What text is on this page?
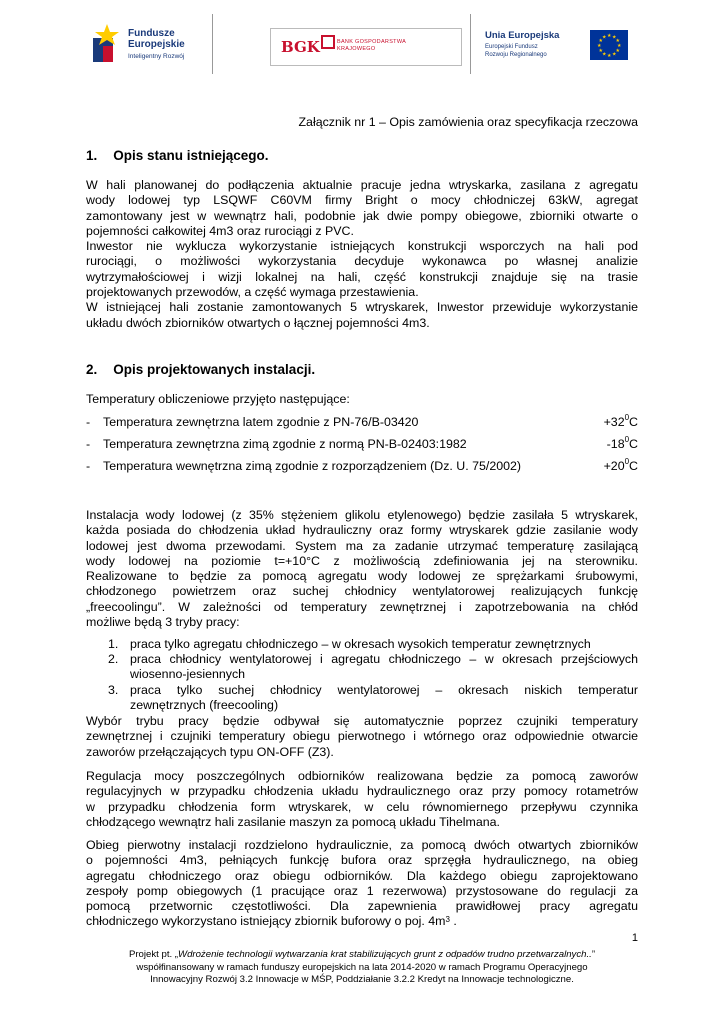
Fundusze
Europejskie
Inteligentny Rozwój
BGK	BANK GOSPODARSTWA
KRAJOWEGO
Unia Europejska
Europejski Fundusz
Rozwoju Regionalnego
★ ★
★
★
★
★
★
★
★
★
★
★
Załącznik nr 1 – Opis zamówienia oraz specyfikacja rzeczowa
1. Opis stanu istniejącego.
W hali planowanej do podłączenia aktualnie pracuje jedna wtryskarka, zasilana z agregatu
wody lodowej typ LSQWF C60VM firmy Bright o mocy chłodniczej 63kW, agregat
zamontowany jest w wewnątrz hali, podobnie jak dwie pompy obiegowe, zbiorniki otwarte o
pojemności całkowitej 4m3 oraz rurociągi z PVC.
Inwestor nie wyklucza wykorzystanie istniejących konstrukcji wsporczych na hali pod
rurociągi, o możliwości wykorzystania decyduje wykonawca po własnej analizie
wytrzymałościowej i wizji lokalnej na hali, część konstrukcji znajduje się na trasie
projektowanych przewodów, a część wymaga przestawienia.
W istniejącej hali zostanie zamontowanych 5 wtryskarek, Inwestor przewiduje wykorzystanie
układu dwóch zbiorników otwartych o łącznej pojemności 4m3.
2. Opis projektowanych instalacji.
Temperatury obliczeniowe przyjęto następujące:
- Temperatura zewnętrzna latem zgodnie z PN-76/B-03420	$+32^0C$
- Temperatura zewnętrzna zimą zgodnie z normą PN-B-02403:1982	$-18^0C$
- Temperatura wewnętrzna zimą zgodnie z rozporządzeniem (Dz. U. 75/2002)	$+20^0C$
Instalacja wody lodowej (z 35% stężeniem glikolu etylenowego) będzie zasilała 5 wtryskarek,
każda posiada do chłodzenia układ hydrauliczny oraz formy wtryskarek gdzie zasilanie wody
lodowej jest dwoma przewodami. System ma za zadanie utrzymać temperaturę zasilającą
wody lodowej na poziomie t=+10°C z możliwością zdefiniowania jej na sterowniku.
Realizowane to będzie za pomocą agregatu wody lodowej ze sprężarkami śrubowymi,
chłodzonego powietrzem oraz suchej chłodnicy wentylatorowej realizujących funkcję
„freecoolingu”. W zależności od temperatury zewnętrznej i zapotrzebowania na chłód
możliwe będą 3 tryby pracy:
1. praca tylko agregatu chłodniczego – w okresach wysokich temperatur zewnętrznych
2. praca chłodnicy wentylatorowej i agregatu chłodniczego – w okresach przejściowych
wiosenno-jesiennych
3. praca tylko suchej chłodnicy wentylatorowej – okresach niskich temperatur
zewnętrznych (freecooling)
Wybór trybu pracy będzie odbywał się automatycznie poprzez czujniki temperatury
zewnętrznej i czujniki temperatury obiegu pierwotnego i wtórnego oraz odpowiednie otwarcie
zaworów przełączających typu ON-OFF (Z3).
Regulacja mocy poszczególnych odbiorników realizowana będzie za pomocą zaworów
regulacyjnych w przypadku chłodzenia układu hydraulicznego oraz przy pomocy rotametrów
w przypadku chłodzenia form wtryskarek, w celu równomiernego przepływu czynnika
chłodzącego wewnątrz hali zasilanie maszyn za pomocą układu Tihelmana.
Obieg pierwotny instalacji rozdzielono hydraulicznie, za pomocą dwóch otwartych zbiorników
o pojemności 4m3, pełniących funkcję bufora oraz sprzęgła hydraulicznego, na obieg
agregatu chłodniczego oraz obiegu odbiorników. Dla każdego obiegu zaprojektowano
zespoły pomp obiegowych (1 pracujące oraz 1 rezerwowa) przystosowane do regulacji za
pomocą przetwornic częstotliwości. Dla zapewnienia prawidłowej pracy agregatu
chłodniczego wykorzystano istniejący zbiornik buforowy o poj. $4m^3$ .
1
Projekt pt. „Wdrożenie technologii wytwarzania krat stabilizujących grunt z odpadów trudno przetwarzalnych..”
współfinansowany w ramach funduszy europejskich na lata 2014-2020 w ramach Programu Operacyjnego
Innowacyjny Rozwój 3.2 Innowacje w MŚP, Poddziałanie 3.2.2 Kredyt na Innowacje technologiczne.
